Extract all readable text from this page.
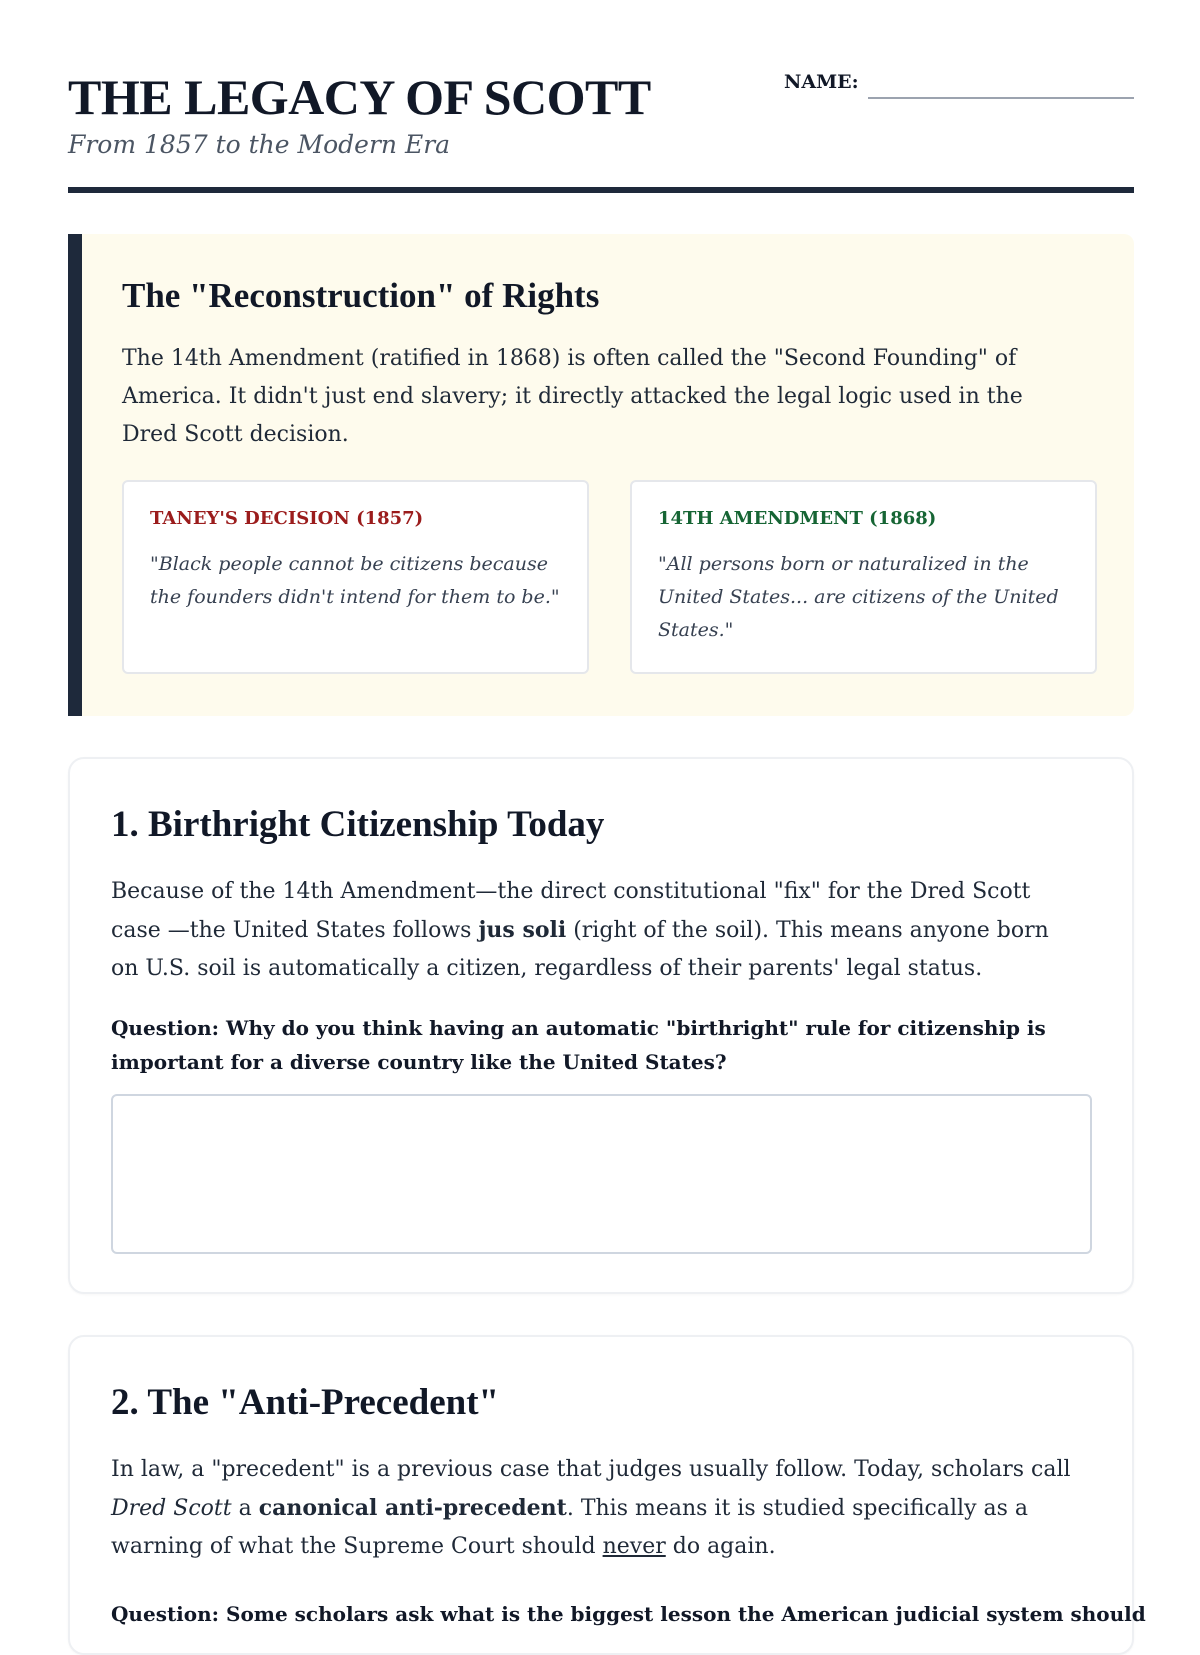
THE LEGACY OF SCOTT

From 1857 to the Modern Era

NAME:
The "Reconstruction" of Rights

The 14th Amendment (ratified in 1868) is often called the "Second Founding" of America. It didn't just end slavery; it directly attacked the legal logic used in the Dred Scott decision.

TANEY'S DECISION (1857)

"Black people cannot be citizens because the founders didn't intend for them to be."

14TH AMENDMENT (1868)

"All persons born or naturalized in the United States... are citizens of the United States."

1. Birthright Citizenship Today

Because of the 14th Amendment—the direct constitutional "fix" for the Dred Scott case —the United States follows jus soli (right of the soil). This means anyone born on U.S. soil is automatically a citizen, regardless of their parents' legal status.

Question: Why do you think having an automatic "birthright" rule for citizenship is important for a diverse country like the United States?

2. The "Anti-Precedent"

In law, a "precedent" is a previous case that judges usually follow. Today, scholars call Dred Scott a canonical anti-precedent. This means it is studied specifically as a warning of what the Supreme Court should never do again.

Question: Some scholars ask what is the biggest lesson the American judicial system should
